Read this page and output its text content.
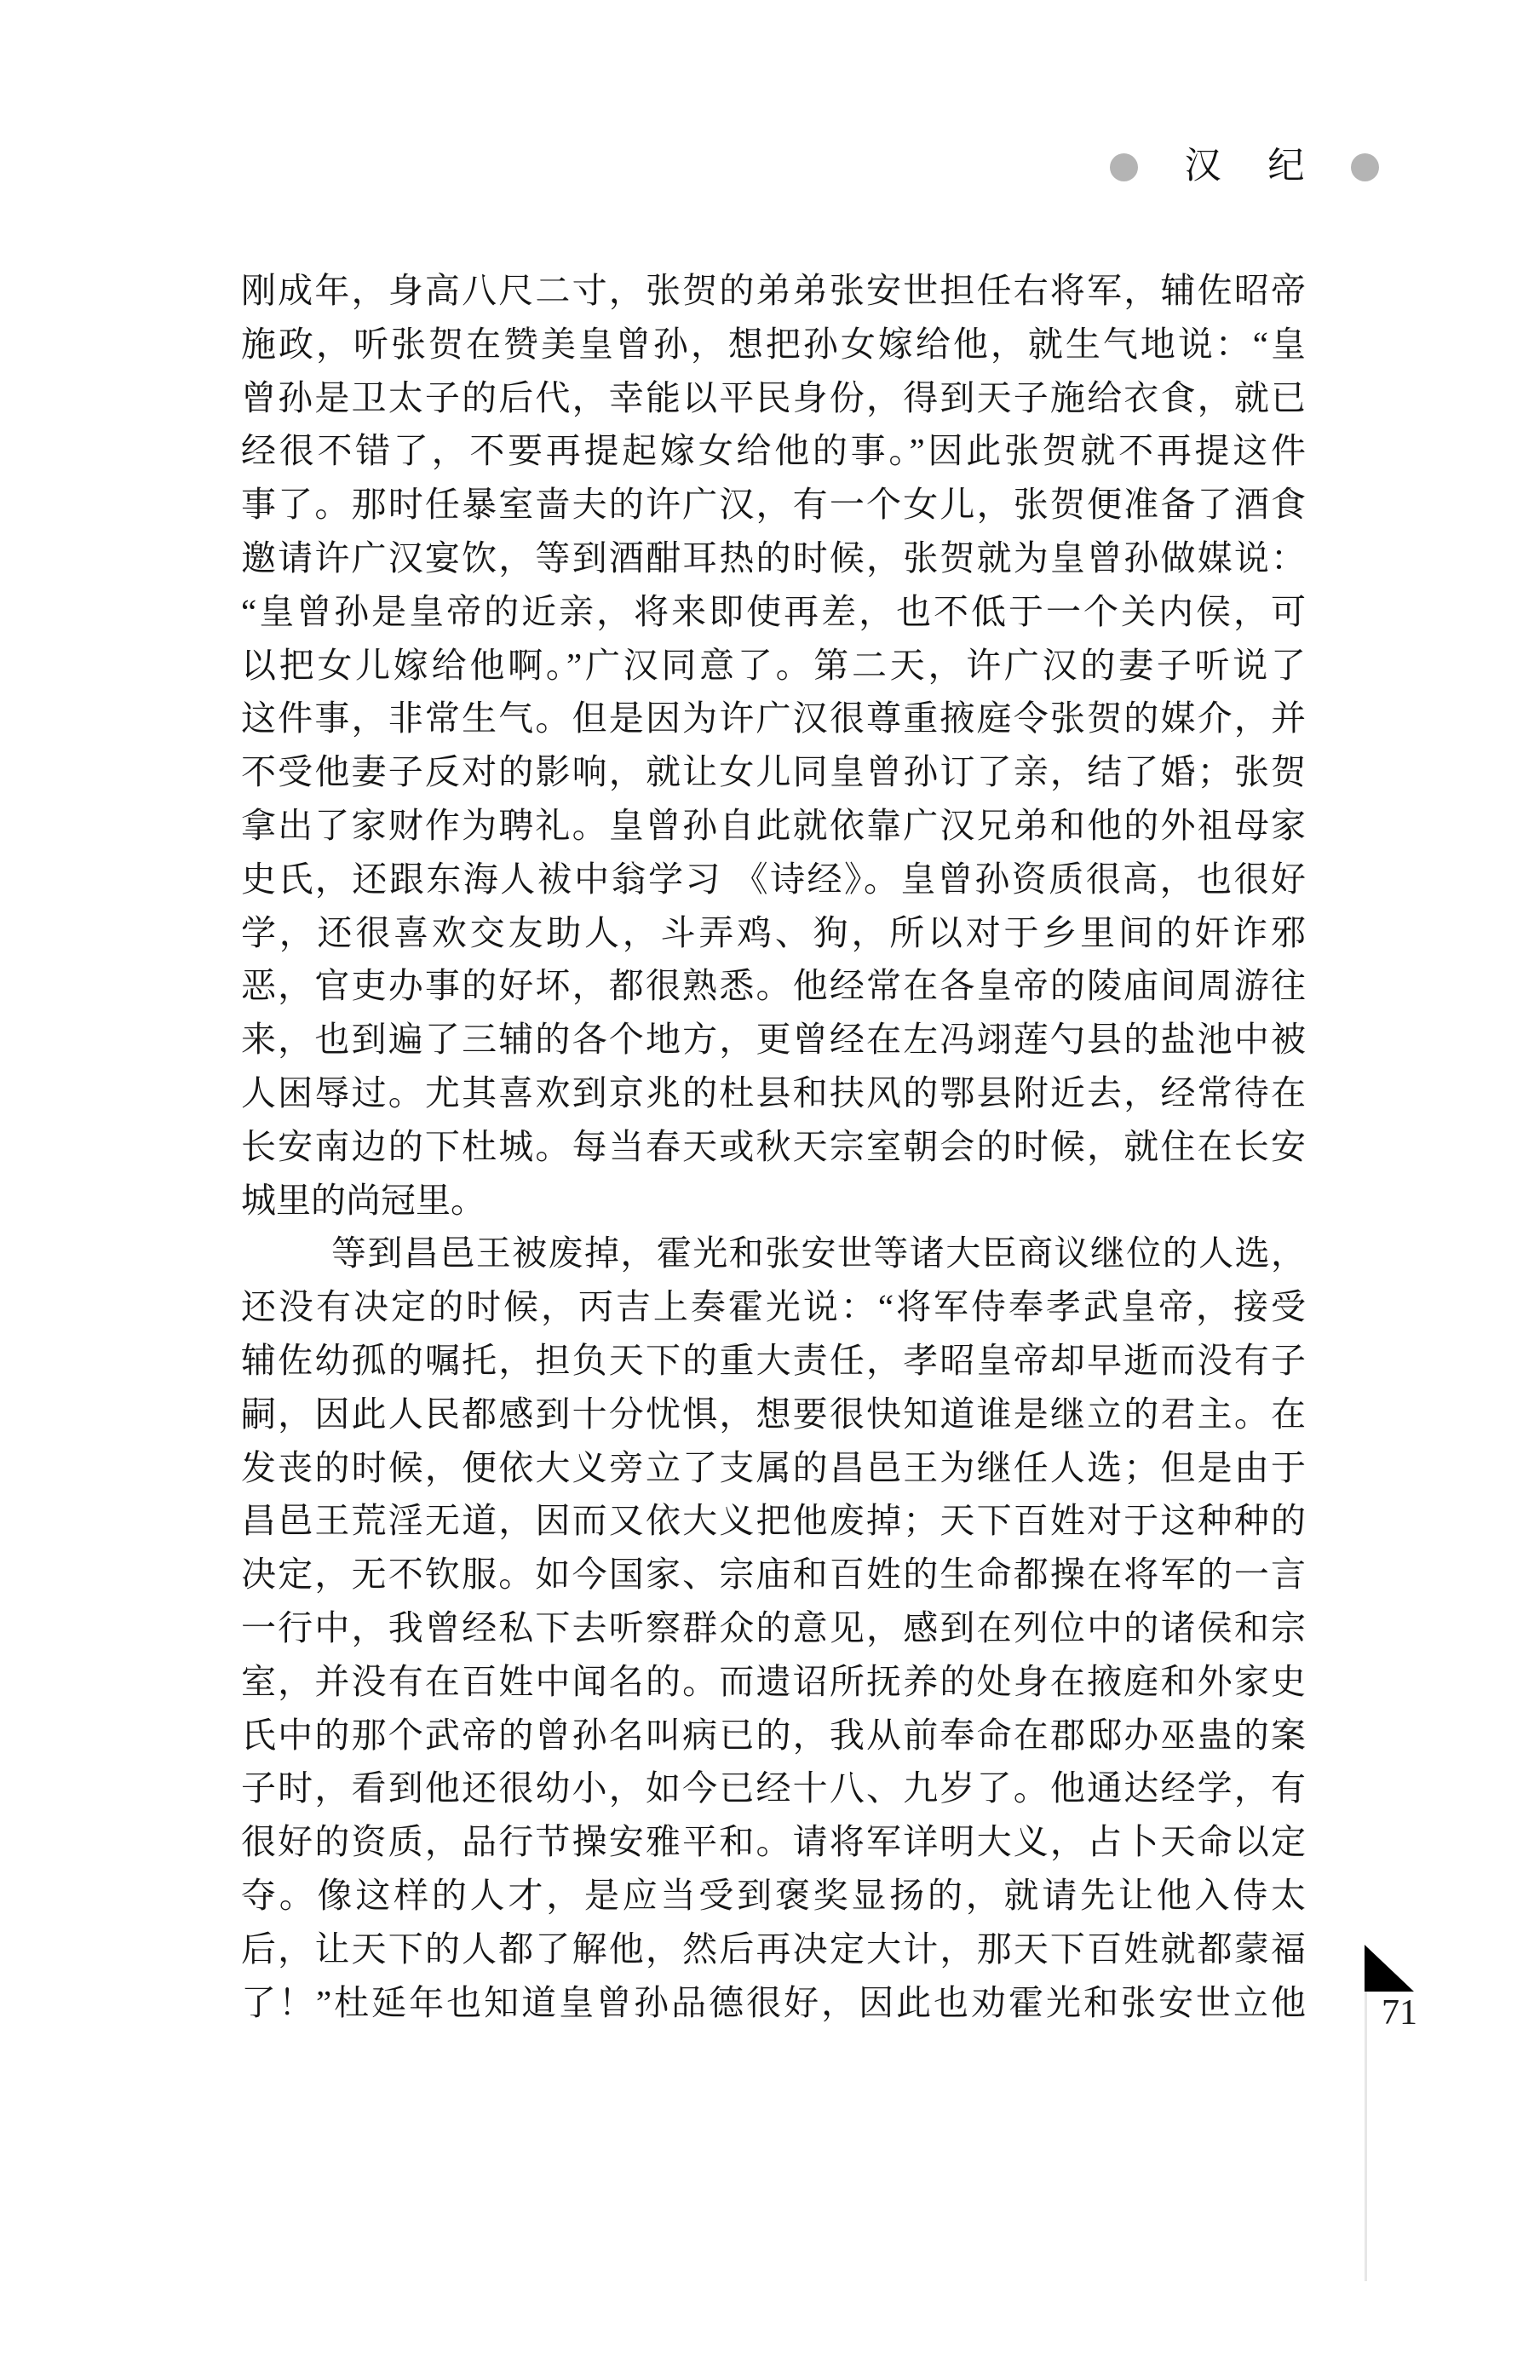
汉 纪
刚成年，身高八尺二寸，张贺的弟弟张安世担任右将军，辅佐昭帝
施政，听张贺在赞美皇曾孙，想把孙女嫁给他，就生气地说：“皇
曾孙是卫太子的后代，幸能以平民身份，得到天子施给衣食，就已
经很不错了，不要再提起嫁女给他的事。”因此张贺就不再提这件
事了。那时任暴室啬夫的许广汉，有一个女儿，张贺便准备了酒食
邀请许广汉宴饮，等到酒酣耳热的时候，张贺就为皇曾孙做媒说：
“皇曾孙是皇帝的近亲，将来即使再差，也不低于一个关内侯，可
以把女儿嫁给他啊。”广汉同意了。第二天，许广汉的妻子听说了
这件事，非常生气。但是因为许广汉很尊重掖庭令张贺的媒介，并
不受他妻子反对的影响，就让女儿同皇曾孙订了亲，结了婚；张贺
拿出了家财作为聘礼。皇曾孙自此就依靠广汉兄弟和他的外祖母家
史氏，还跟东海人袚中翁学习 《诗经》。皇曾孙资质很高，也很好
学，还很喜欢交友助人，斗弄鸡、狗，所以对于乡里间的奸诈邪
恶，官吏办事的好坏，都很熟悉。他经常在各皇帝的陵庙间周游往
来，也到遍了三辅的各个地方，更曾经在左冯翊莲勺县的盐池中被
人困辱过。尤其喜欢到京兆的杜县和扶风的鄂县附近去，经常待在
长安南边的下杜城。每当春天或秋天宗室朝会的时候，就住在长安
城里的尚冠里。
等到昌邑王被废掉，霍光和张安世等诸大臣商议继位的人选，
还没有决定的时候，丙吉上奏霍光说：“将军侍奉孝武皇帝，接受
辅佐幼孤的嘱托，担负天下的重大责任，孝昭皇帝却早逝而没有子
嗣，因此人民都感到十分忧惧，想要很快知道谁是继立的君主。在
发丧的时候，便依大义旁立了支属的昌邑王为继任人选；但是由于
昌邑王荒淫无道，因而又依大义把他废掉；天下百姓对于这种种的
决定，无不钦服。如今国家、宗庙和百姓的生命都操在将军的一言
一行中，我曾经私下去听察群众的意见，感到在列位中的诸侯和宗
室，并没有在百姓中闻名的。而遗诏所抚养的处身在掖庭和外家史
氏中的那个武帝的曾孙名叫病已的，我从前奉命在郡邸办巫蛊的案
子时，看到他还很幼小，如今已经十八、九岁了。他通达经学，有
很好的资质，品行节操安雅平和。请将军详明大义，占卜天命以定
夺。像这样的人才，是应当受到褒奖显扬的，就请先让他入侍太
后，让天下的人都了解他，然后再决定大计，那天下百姓就都蒙福
了！”杜延年也知道皇曾孙品德很好，因此也劝霍光和张安世立他 71
